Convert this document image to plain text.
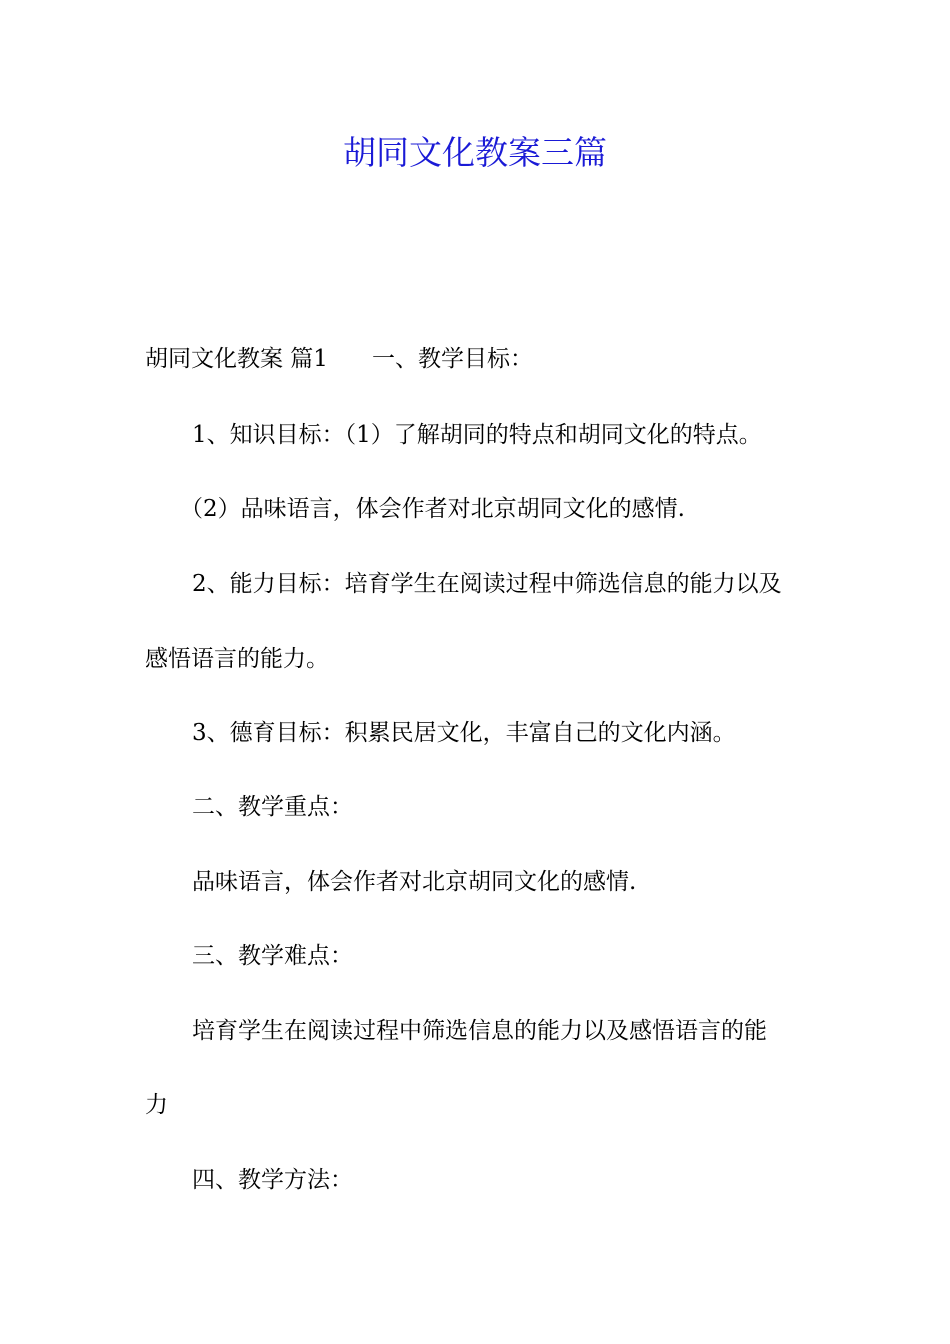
胡同文化教案三篇

胡同文化教案 篇1 一、教学目标：

1、知识目标：（1）了解胡同的特点和胡同文化的特点。

（2）品味语言，体会作者对北京胡同文化的感情.

2、能力目标：培育学生在阅读过程中筛选信息的能力以及

感悟语言的能力。

3、德育目标：积累民居文化，丰富自己的文化内涵。

二、教学重点：

品味语言，体会作者对北京胡同文化的感情.

三、教学难点：

培育学生在阅读过程中筛选信息的能力以及感悟语言的能

力

四、教学方法：
